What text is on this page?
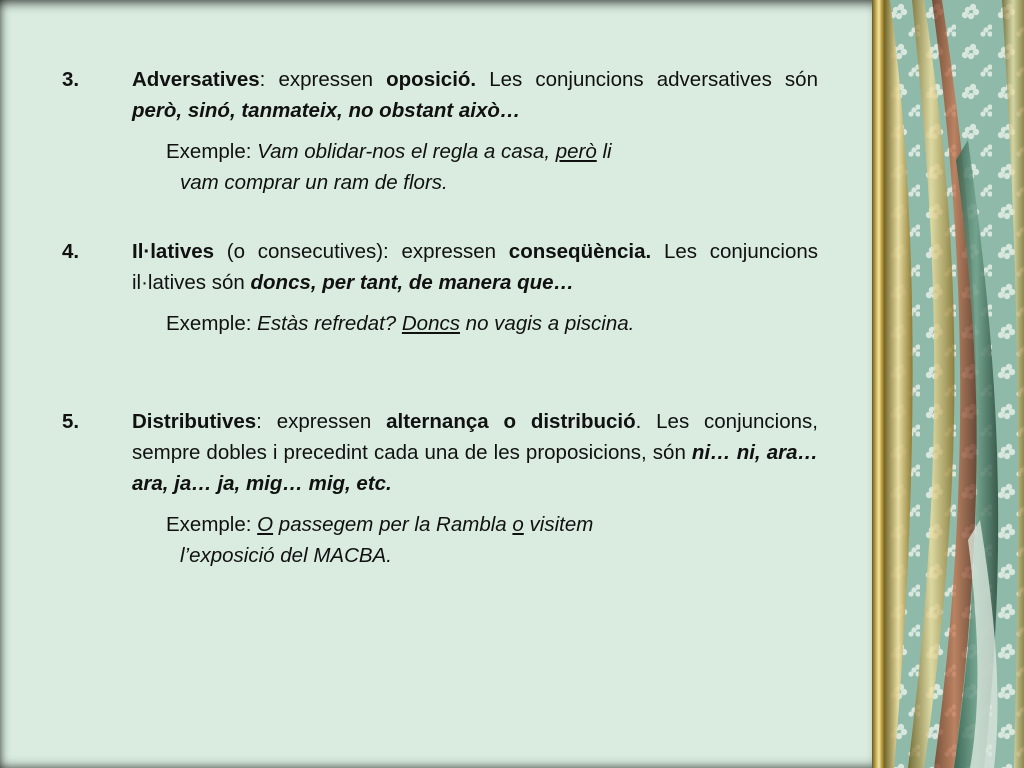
3.	Adversatives: expressen oposició. Les conjuncions adversatives són però, sinó, tanmateix, no obstant això…
Exemple: Vam oblidar-nos el regla a casa, però li
vam comprar un ram de flors.
4.	Il·latives (o consecutives): expressen conseqüència. Les conjuncions il·latives són doncs, per tant, de manera que…
Exemple: Estàs refredat? Doncs no vagis a piscina.
5.	Distributives: expressen alternança o distribució. Les conjuncions, sempre dobles i precedint cada una de les proposicions, són ni… ni, ara… ara, ja… ja, mig… mig, etc.
Exemple: O passegem per la Rambla o visitem
l’exposició del MACBA.
